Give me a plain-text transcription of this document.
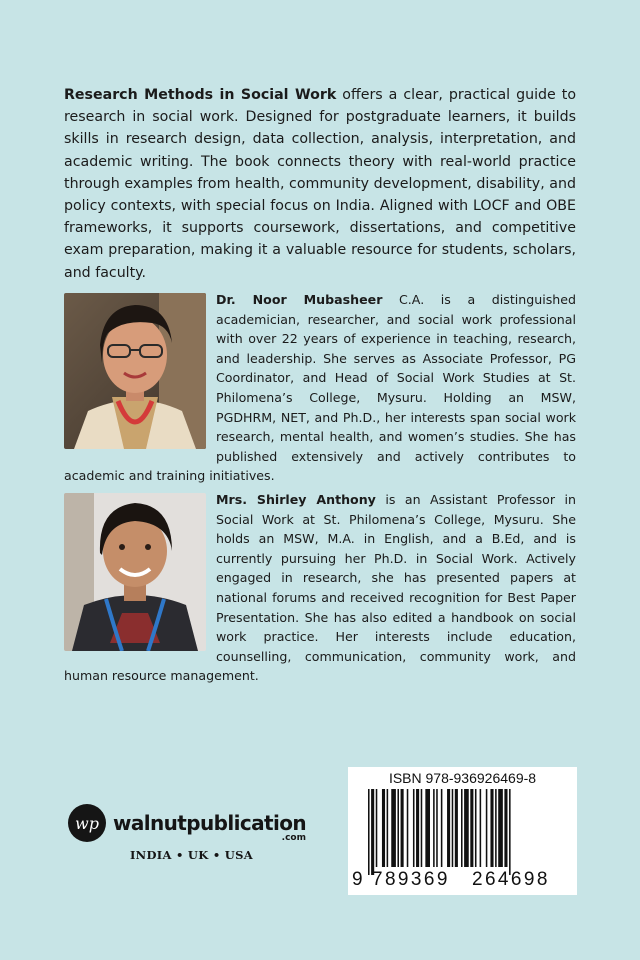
Research Methods in Social Work offers a clear, practical guide to research in social work. Designed for postgraduate learners, it builds skills in research design, data collection, analysis, interpretation, and academic writing. The book connects theory with real-world practice through examples from health, community development, disability, and policy contexts, with special focus on India. Aligned with LOCF and OBE frameworks, it supports coursework, dissertations, and competitive exam preparation, making it a valuable resource for students, scholars, and faculty.

Dr. Noor Mubasheer C.A. is a distinguished academician, researcher, and social work professional with over 22 years of experience in teaching, research, and leadership. She serves as Associate Professor, PG Coordinator, and Head of Social Work Studies at St. Philomena’s College, Mysuru. Holding an MSW, PGDHRM, NET, and Ph.D., her interests span social work research, mental health, and women’s studies. She has published extensively and actively contributes to academic and training initiatives.
Mrs. Shirley Anthony is an Assistant Professor in Social Work at St. Philomena’s College, Mysuru. She holds an MSW, M.A. in English, and a B.Ed, and is currently pursuing her Ph.D. in Social Work. Actively engaged in research, she has presented papers at national forums and received recognition for Best Paper Presentation. She has also edited a handbook on social work practice. Her interests include education, counselling, communication, community work, and human resource management.
wp walnutpublication
.com
INDIA • UK • USA
ISBN 978-936926469-8
9 789369 264698
